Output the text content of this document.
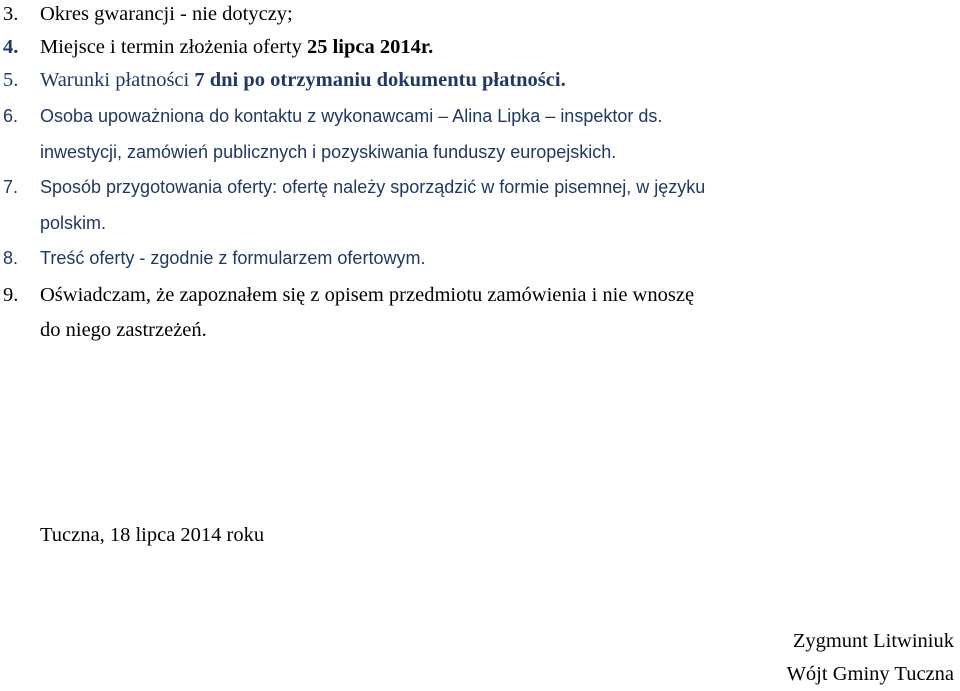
3. Okres gwarancji - nie dotyczy;
4. Miejsce i termin złożenia oferty 25 lipca 2014r.
5. Warunki płatności 7 dni po otrzymaniu dokumentu płatności.
6. Osoba upoważniona do kontaktu z wykonawcami – Alina Lipka – inspektor ds.
inwestycji, zamówień publicznych i pozyskiwania funduszy europejskich.
7. Sposób przygotowania oferty: ofertę należy sporządzić w formie pisemnej, w języku
polskim.
8. Treść oferty - zgodnie z formularzem ofertowym.
9. Oświadczam, że zapoznałem się z opisem przedmiotu zamówienia i nie wnoszę
do niego zastrzeżeń.
Tuczna, 18 lipca 2014 roku
Zygmunt Litwiniuk
Wójt Gminy Tuczna
